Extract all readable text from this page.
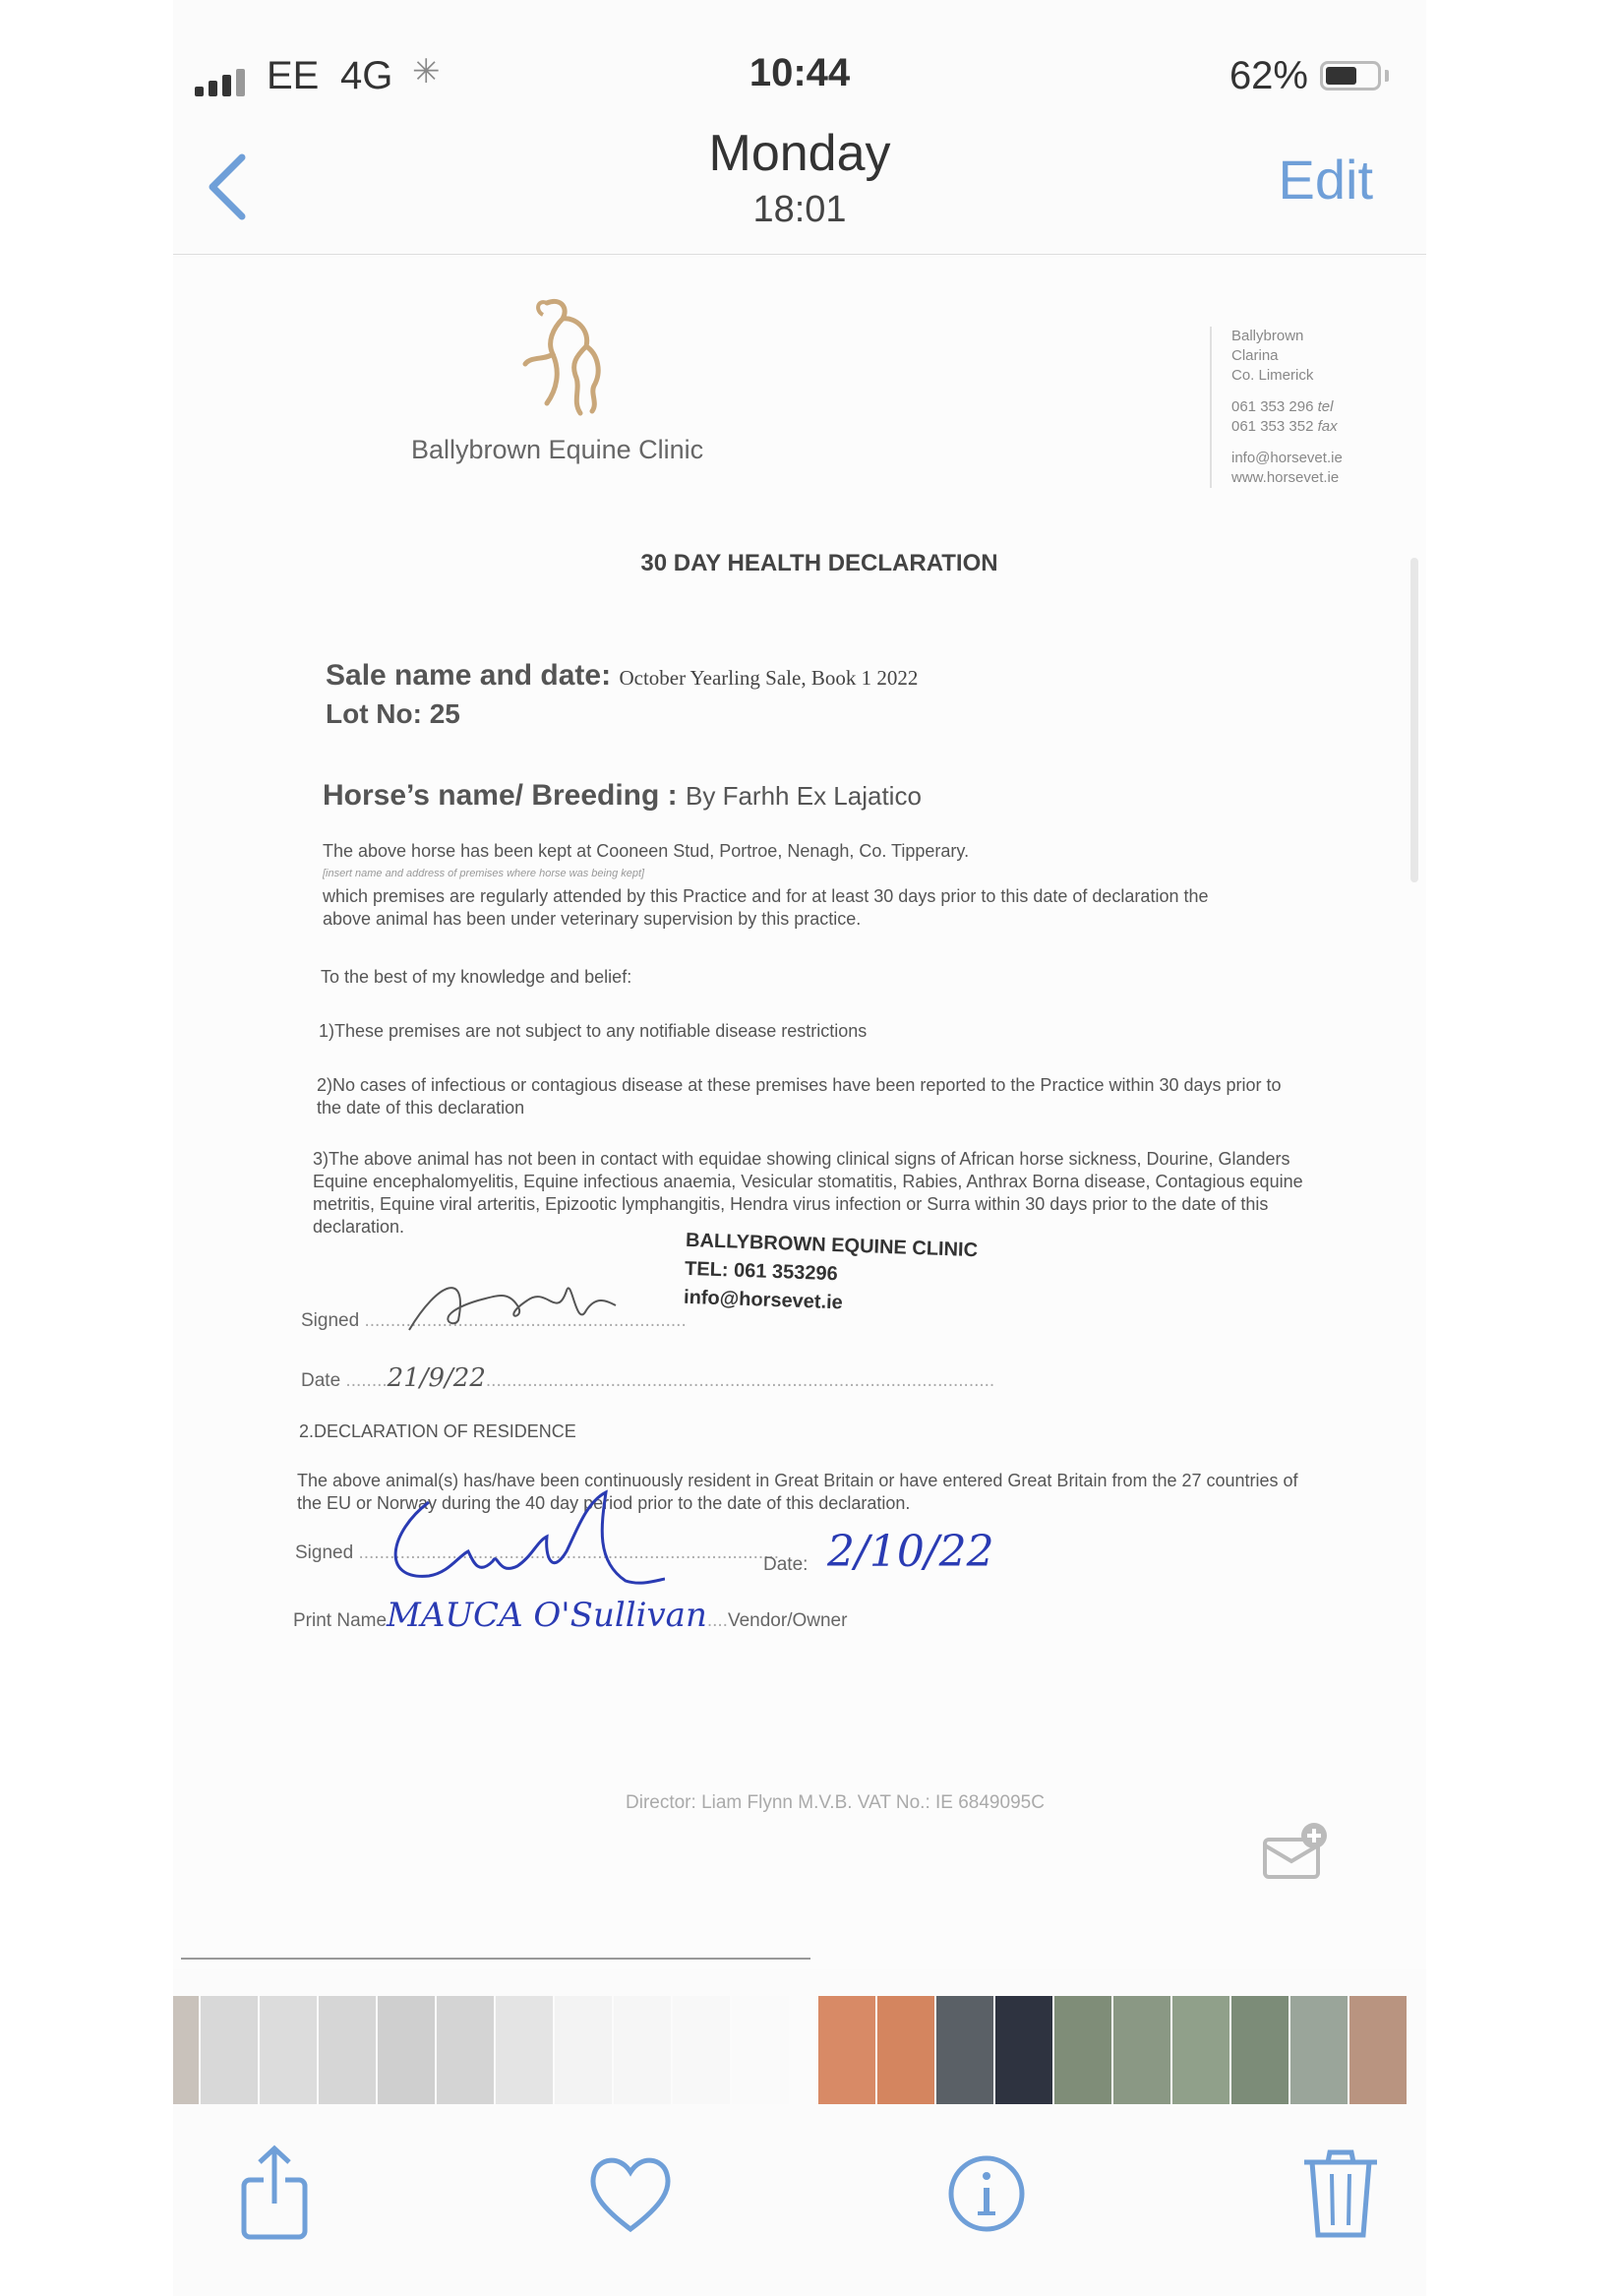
EE 4G ✳	10:44	62%
Monday
18:01	Edit
Ballybrown Equine Clinic
Ballybrown
Clarina
Co. Limerick
061 353 296 tel
061 353 352 fax
info@horsevet.ie
www.horsevet.ie
30 DAY HEALTH DECLARATION
Sale name and date: October Yearling Sale, Book 1 2022
Lot No: 25
Horse’s name/ Breeding : By Farhh Ex Lajatico
The above horse has been kept at Cooneen Stud, Portroe, Nenagh, Co. Tipperary.
[insert name and address of premises where horse was being kept]
which premises are regularly attended by this Practice and for at least 30 days prior to this date of declaration the above animal has been under veterinary supervision by this practice.
To the best of my knowledge and belief:
1)These premises are not subject to any notifiable disease restrictions
2)No cases of infectious or contagious disease at these premises have been reported to the Practice within 30 days prior to the date of this declaration
3)The above animal has not been in contact with equidae showing clinical signs of African horse sickness, Dourine, Glanders Equine encephalomyelitis, Equine infectious anaemia, Vesicular stomatitis, Rabies, Anthrax Borna disease, Contagious equine metritis, Equine viral arteritis, Epizootic lymphangitis, Hendra virus infection or Surra within 30 days prior to the date of this declaration.
BALLYBROWN EQUINE CLINIC
TEL: 061 353296
info@horsevet.ie
Signed ..............................................................
Date ........21/9/22..................................................................................................
2.DECLARATION OF RESIDENCE
The above animal(s) has/have been continuously resident in Great Britain or have entered Great Britain from the 27 countries of the EU or Norway during the 40 day period prior to the date of this declaration.
Signed .................................................................................
Date: 2/10/22
Print NameMAUCA O'Sullivan....Vendor/Owner
Director: Liam Flynn M.V.B. VAT No.: IE 6849095C
